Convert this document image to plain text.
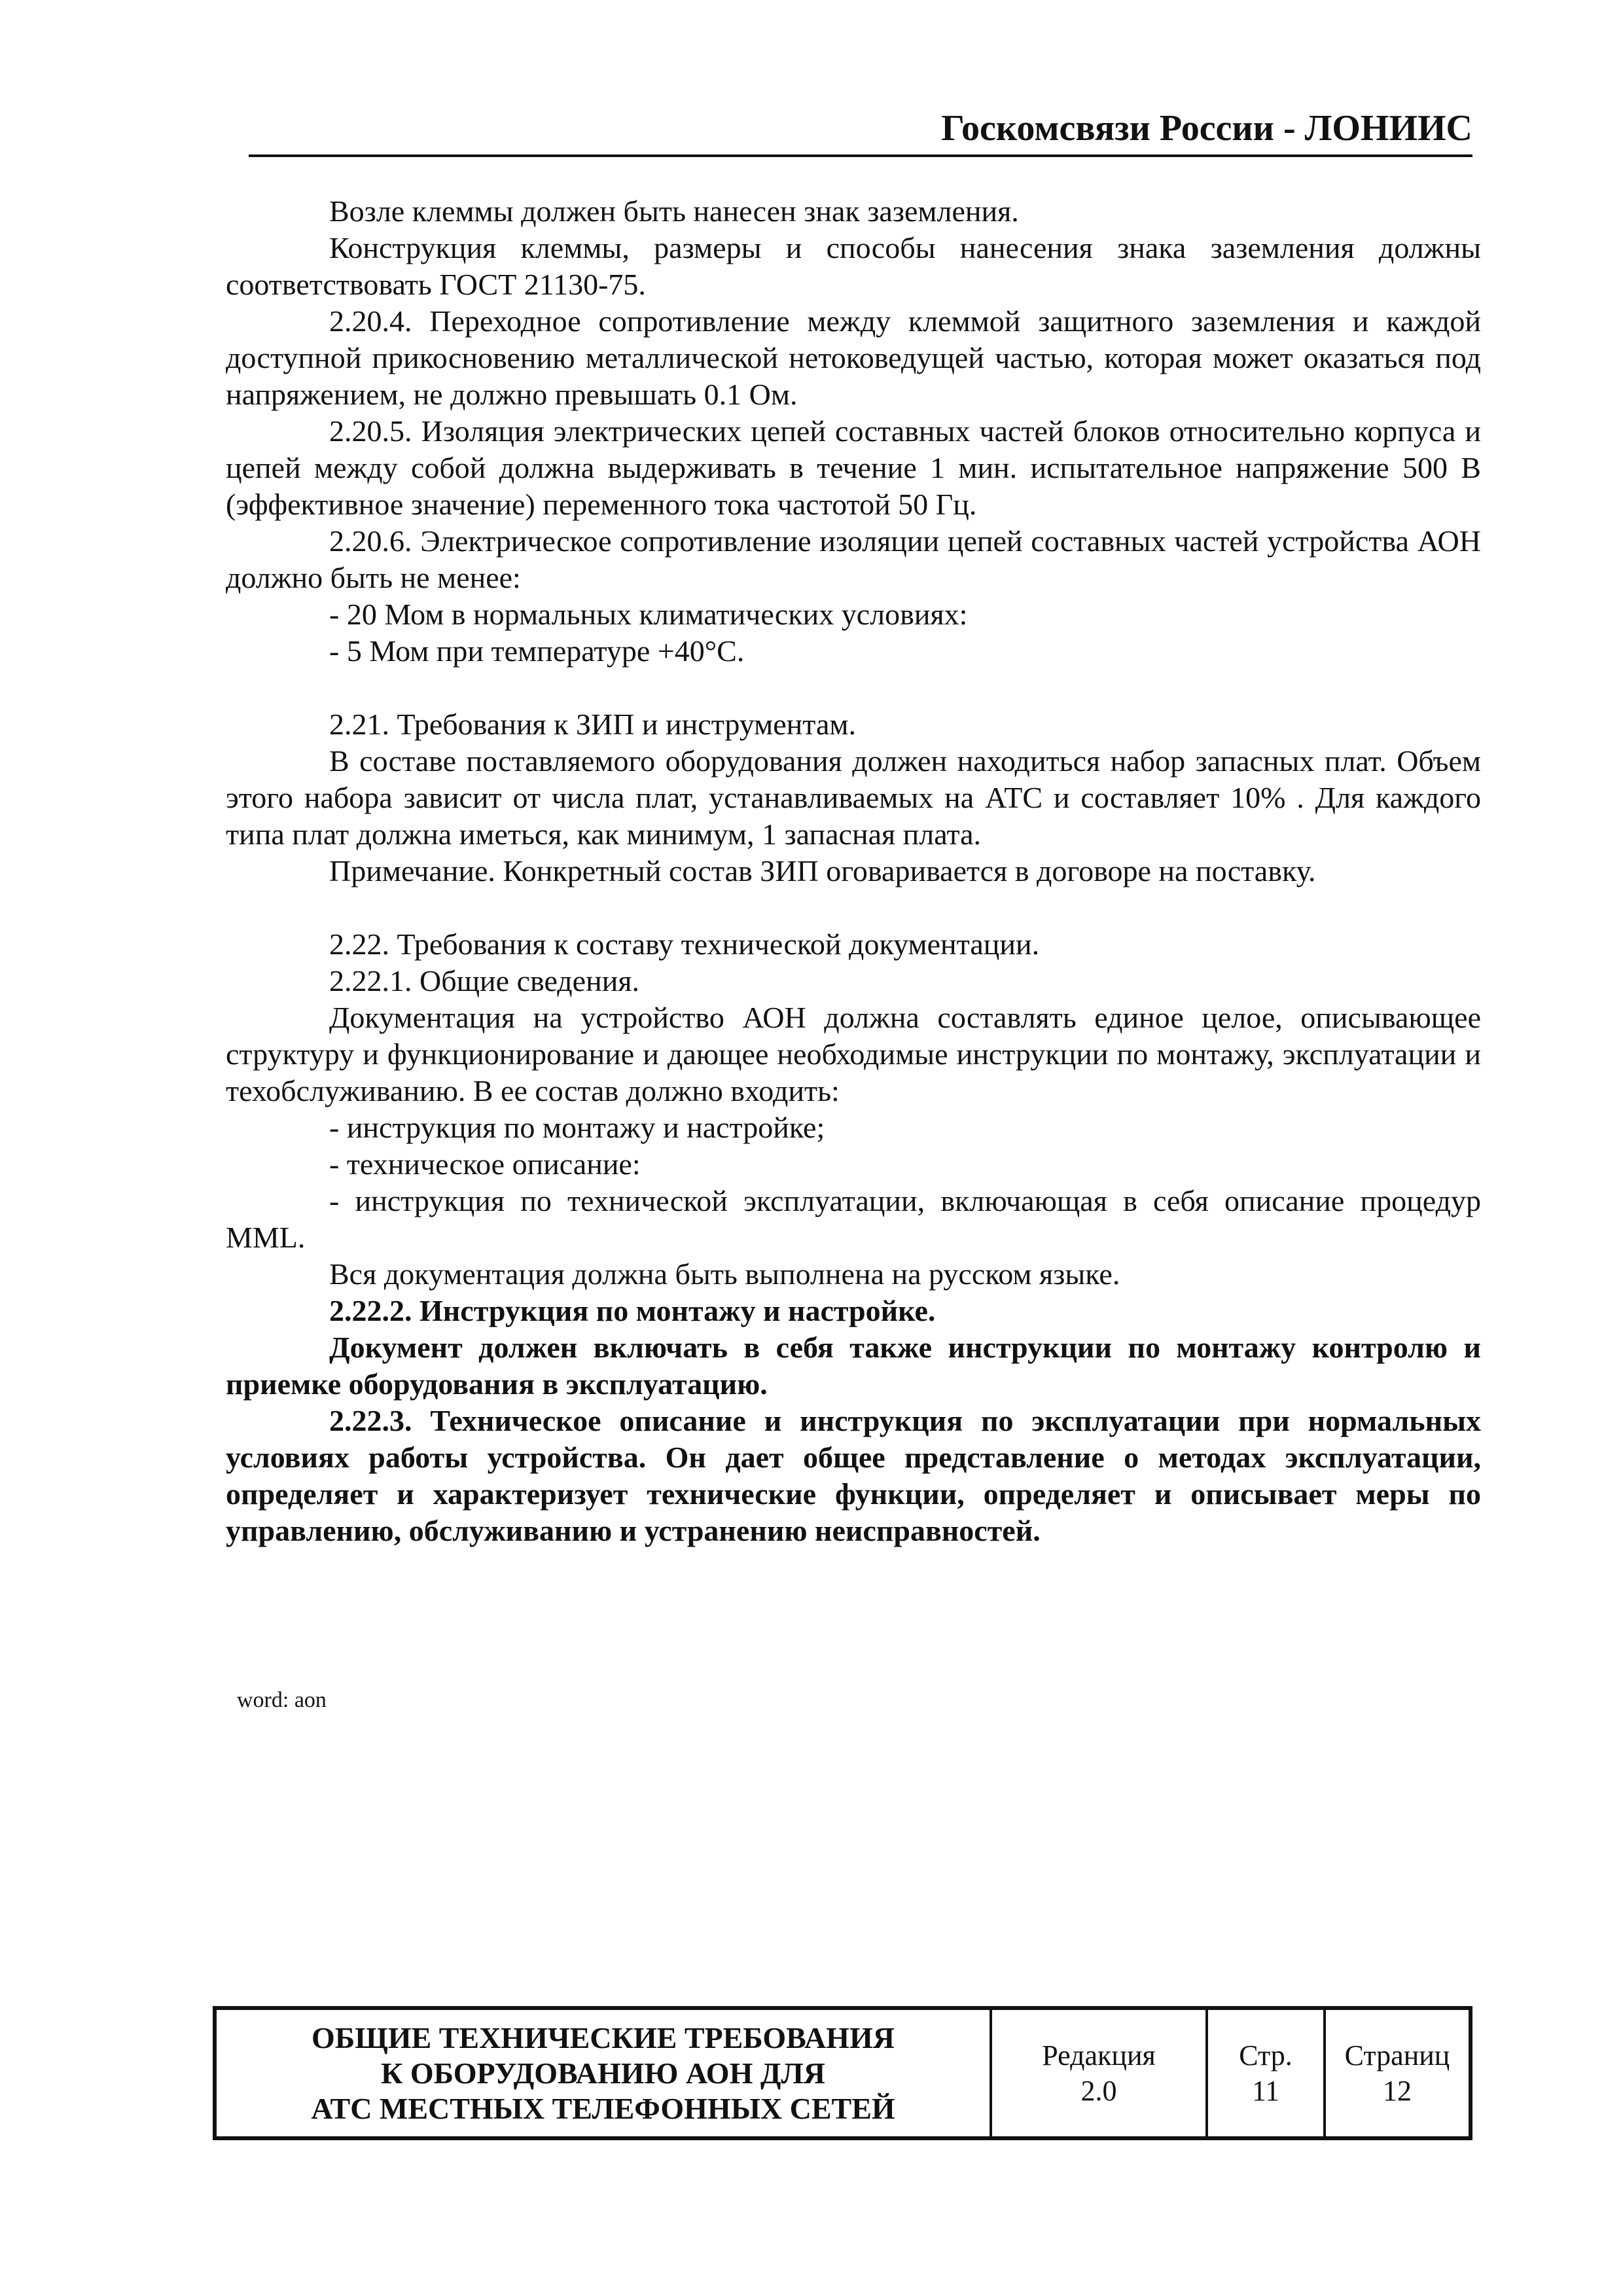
Госкомсвязи России - ЛОНИИС

Возле клеммы должен быть нанесен знак заземления.

Конструкция клеммы, размеры и способы нанесения знака заземления должны соответствовать ГОСТ 21130-75.

2.20.4. Переходное сопротивление между клеммой защитного заземления и каждой доступной прикосновению металлической нетоковедущей частью, которая может оказаться под напряжением, не должно превышать 0.1 Ом.

2.20.5. Изоляция электрических цепей составных частей блоков относительно корпуса и цепей между собой должна выдерживать в течение 1 мин. испытательное напряжение 500 В (эффективное значение) переменного тока частотой 50 Гц.

2.20.6. Электрическое сопротивление изоляции цепей составных частей устройства АОН должно быть не менее:

- 20 Мом в нормальных климатических условиях:

- 5 Мом при температуре +40°С.

2.21. Требования к ЗИП и инструментам.

В составе поставляемого оборудования должен находиться набор запасных плат. Объем этого набора зависит от числа плат, устанавливаемых на АТС и составляет 10% . Для каждого типа плат должна иметься, как минимум, 1 запасная плата.

Примечание. Конкретный состав ЗИП оговаривается в договоре на поставку.

2.22. Требования к составу технической документации.

2.22.1. Общие сведения.

Документация на устройство АОН должна составлять единое целое, описывающее структуру и функционирование и дающее необходимые инструкции по монтажу, эксплуатации и техобслуживанию. В ее состав должно входить:

- инструкция по монтажу и настройке;

- техническое описание:

- инструкция по технической эксплуатации, включающая в себя описание процедур MML.

Вся документация должна быть выполнена на русском языке.

2.22.2. Инструкция по монтажу и настройке.

Документ должен включать в себя также инструкции по монтажу контролю и приемке оборудования в эксплуатацию.

2.22.3. Техническое описание и инструкция по эксплуатации при нормальных условиях работы устройства. Он дает общее представление о методах эксплуатации, определяет и характеризует технические функции, определяет и описывает меры по управлению, обслуживанию и устранению неисправностей.

word: aon
ОБЩИЕ ТЕХНИЧЕСКИЕ ТРЕБОВАНИЯ
К ОБОРУДОВАНИЮ АОН ДЛЯ
АТС МЕСТНЫХ ТЕЛЕФОННЫХ СЕТЕЙ
Редакция
2.0
Стр.
11
Страниц
12
